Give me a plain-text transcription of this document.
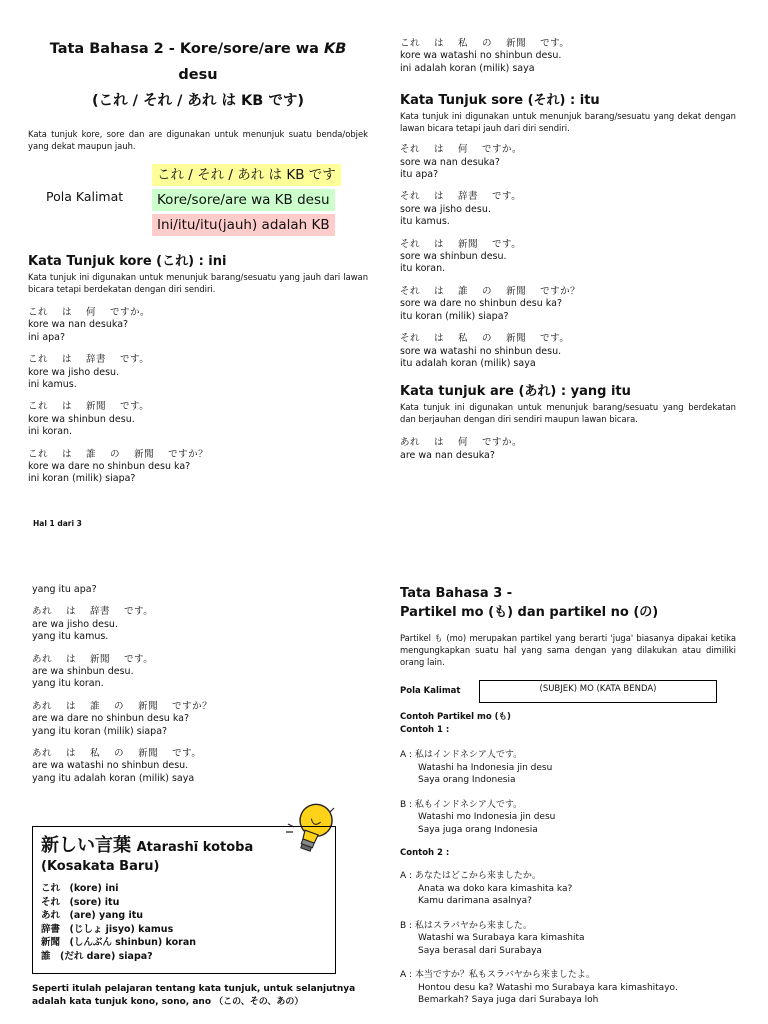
Tata Bahasa 2 - Kore/sore/are wa KB desu
(これ / それ / あれ は KB です)
Kata tunjuk kore, sore dan are digunakan untuk menunjuk suatu benda/objek yang dekat maupun jauh.
Pola Kalimat
これ / それ / あれ は KB です
Kore/sore/are wa KB desu
Ini/itu/itu(jauh) adalah KB
Kata Tunjuk kore (これ) : ini
Kata tunjuk ini digunakan untuk menunjuk barang/sesuatu yang jauh dari lawan bicara tetapi berdekatan dengan diri sendiri.
これ は 何 ですか。
kore wa nan desuka?
ini apa?
これ は 辞書 です。
kore wa jisho desu.
ini kamus.
これ は 新聞 です。
kore wa shinbun desu.
ini koran.
これ は 誰 の 新聞 ですか？
kore wa dare no shinbun desu ka?
ini koran (milik) siapa?
Hal 1 dari 3
これ は 私 の 新聞 です。
kore wa watashi no shinbun desu.
ini adalah koran (milik) saya
Kata Tunjuk sore (それ) : itu
Kata tunjuk ini digunakan untuk menunjuk barang/sesuatu yang dekat dengan lawan bicara tetapi jauh dari diri sendiri.
それ は 何 ですか。
sore wa nan desuka?
itu apa?
それ は 辞書 です。
sore wa jisho desu.
itu kamus.
それ は 新聞 です。
sore wa shinbun desu.
itu koran.
それ は 誰 の 新聞 ですか？
sore wa dare no shinbun desu ka?
itu koran (milik) siapa?
それ は 私 の 新聞 です。
sore wa watashi no shinbun desu.
itu adalah koran (milik) saya
Kata tunjuk are (あれ) : yang itu
Kata tunjuk ini digunakan untuk menunjuk barang/sesuatu yang berdekatan dan berjauhan dengan diri sendiri maupun lawan bicara.
あれ は 何 ですか。
are wa nan desuka?
yang itu apa?
あれ は 辞書 です。
are wa jisho desu.
yang itu kamus.
あれ は 新聞 です。
are wa shinbun desu.
yang itu koran.
あれ は 誰 の 新聞 ですか？
are wa dare no shinbun desu ka?
yang itu koran (milik) siapa?
あれ は 私 の 新聞 です。
are wa watashi no shinbun desu.
yang itu adalah koran (milik) saya
新しい言葉 Atarashī kotoba
(Kosakata Baru)
これ　(kore) ini
それ　(sore) itu
あれ　(are) yang itu
辞書　(じしょ jisyo) kamus
新聞　(しんぶん shinbun) koran
誰　(だれ dare) siapa?
Seperti itulah pelajaran tentang kata tunjuk, untuk selanjutnya adalah kata tunjuk kono, sono, ano （この、その、あの）
Tata Bahasa 3 -
Partikel mo (も) dan partikel no (の)
Partikel も (mo) merupakan partikel yang berarti 'juga' biasanya dipakai ketika mengungkapkan suatu hal yang sama dengan yang dilakukan atau dimiliki orang lain.
Pola Kalimat	(SUBJEK) MO (KATA BENDA)
Contoh Partikel mo (も)
Contoh 1 :
A : 私はインドネシア人です。
Watashi ha Indonesia jin desu
Saya orang Indonesia
B : 私もインドネシア人です。
Watashi mo Indonesia jin desu
Saya juga orang Indonesia
Contoh 2 :
A : あなたはどこから来ましたか。
Anata wa doko kara kimashita ka?
Kamu darimana asalnya?
B : 私はスラバヤから来ました。
Watashi wa Surabaya kara kimashita
Saya berasal dari Surabaya
A : 本当ですか？私もスラバヤから来ましたよ。
Hontou desu ka? Watashi mo Surabaya kara kimashitayo.
Bemarkah? Saya juga dari Surabaya loh
